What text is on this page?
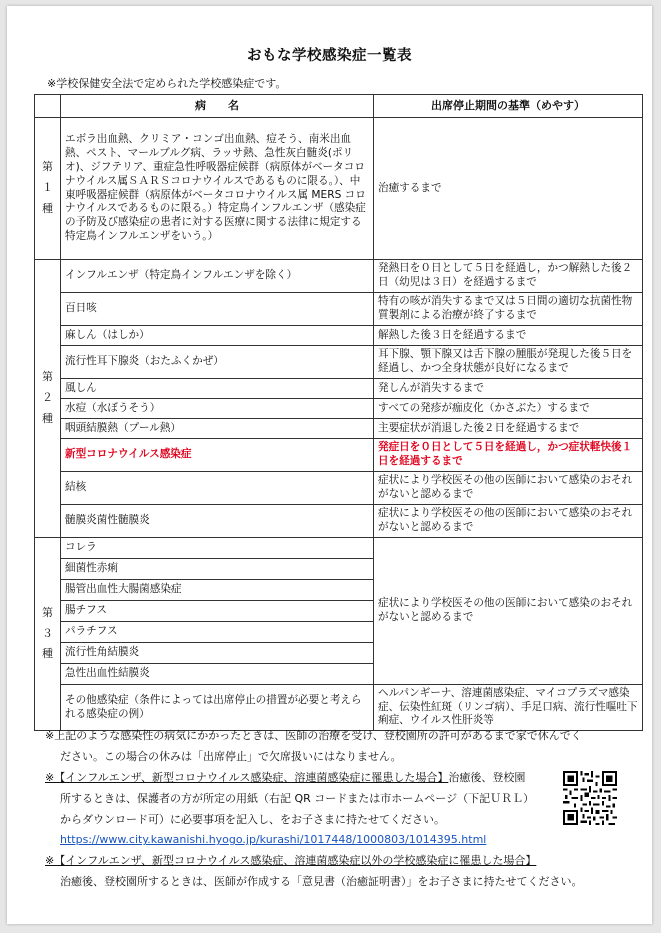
おもな学校感染症一覧表
※学校保健安全法で定められた学校感染症です。
	病　　名	出席停止期間の基準（めやす）
第１種	エボラ出血熱、クリミア・コンゴ出血熱、痘そう、南米出血熱、ペスト、マールブルグ病、ラッサ熱、急性灰白髄炎(ポリオ)、ジフテリア、重症急性呼吸器症候群（病原体がベータコロナウイルス属ＳＡＲＳコロナウイルスであるものに限る。）、中東呼吸器症候群（病原体がベータコロナウイルス属 MERS コロナウイルスであるものに限る。）特定鳥インフルエンザ（感染症の予防及び感染症の患者に対する医療に関する法律に規定する特定鳥インフルエンザをいう。）	治癒するまで
第２種	インフルエンザ（特定鳥インフルエンザを除く）	発熱日を０日として５日を経過し，かつ解熱した後２日（幼児は３日）を経過するまで
	百日咳	特有の咳が消失するまで又は５日間の適切な抗菌性物質製剤による治療が終了するまで
	麻しん（はしか）	解熱した後３日を経過するまで
	流行性耳下腺炎（おたふくかぜ）	耳下腺、顎下腺又は舌下腺の腫脹が発現した後５日を経過し、かつ全身状態が良好になるまで
	風しん	発しんが消失するまで
	水痘（水ぼうそう）	すべての発疹が痂皮化（かさぶた）するまで
	咽頭結膜熱（プール熱）	主要症状が消退した後２日を経過するまで
	新型コロナウイルス感染症	発症日を０日として５日を経過し，かつ症状軽快後１日を経過するまで
	結核	症状により学校医その他の医師において感染のおそれがないと認めるまで
	髄膜炎菌性髄膜炎	症状により学校医その他の医師において感染のおそれがないと認めるまで
第３種	コレラ	症状により学校医その他の医師において感染のおそれがないと認めるまで
	細菌性赤痢	
	腸管出血性大腸菌感染症	
	腸チフス	
	パラチフス	
	流行性角結膜炎	
	急性出血性結膜炎	
	その他感染症（条件によっては出席停止の措置が必要と考えられる感染症の例）	ヘルパンギーナ、溶連菌感染症、マイコプラズマ感染症、伝染性紅斑（リンゴ病）、手足口病、流行性嘔吐下痢症、ウイルス性肝炎等

※上記のような感染性の病気にかかったときは、医師の治療を受け、登校園所の許可があるまで家で休んでく

ださい。この場合の休みは「出席停止」で欠席扱いにはなりません。

※【インフルエンザ、新型コロナウイルス感染症、溶連菌感染症に罹患した場合】治癒後、登校園

所するときは、保護者の方が所定の用紙（右記 QR コードまたは市ホームページ（下記ＵＲＬ）
からダウンロード可）に必要事項を記入し、をお子さまに持たせてください。
https://www.city.kawanishi.hyogo.jp/kurashi/1017448/1000803/1014395.html

※【インフルエンザ、新型コロナウイルス感染症、溶連菌感染症以外の学校感染症に罹患した場合】

治癒後、登校園所するときは、医師が作成する「意見書（治癒証明書）」をお子さまに持たせてください。
